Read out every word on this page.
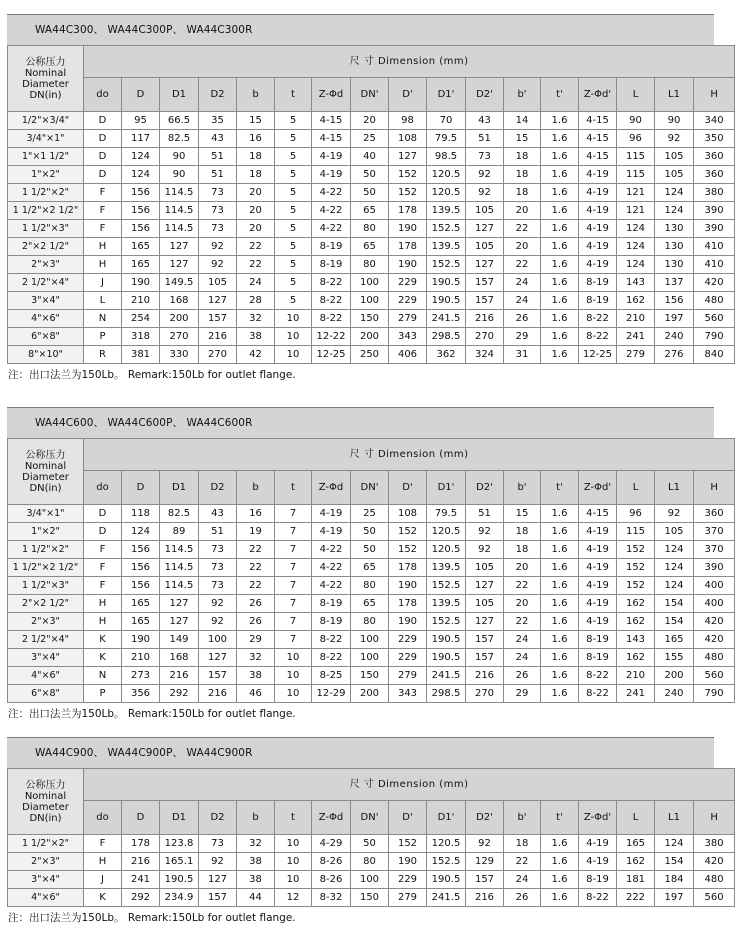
WA44C300、 WA44C300P、 WA44C300R
公称压力
Nominal
Diameter
DN(in)	尺 寸 Dimension (mm)																
	do	D	D1	D2	b	t	Z-Φd	DN'	D'	D1'	D2'	b'	t'	Z-Φd'	L	L1	H
1/2"×3/4"	D	95	66.5	35	15	5	4-15	20	98	70	43	14	1.6	4-15	90	90	340
3/4"×1"	D	117	82.5	43	16	5	4-15	25	108	79.5	51	15	1.6	4-15	96	92	350
1"×1 1/2"	D	124	90	51	18	5	4-19	40	127	98.5	73	18	1.6	4-15	115	105	360
1"×2"	D	124	90	51	18	5	4-19	50	152	120.5	92	18	1.6	4-19	115	105	360
1 1/2"×2"	F	156	114.5	73	20	5	4-22	50	152	120.5	92	18	1.6	4-19	121	124	380
1 1/2"×2 1/2"	F	156	114.5	73	20	5	4-22	65	178	139.5	105	20	1.6	4-19	121	124	390
1 1/2"×3"	F	156	114.5	73	20	5	4-22	80	190	152.5	127	22	1.6	4-19	124	130	390
2"×2 1/2"	H	165	127	92	22	5	8-19	65	178	139.5	105	20	1.6	4-19	124	130	410
2"×3"	H	165	127	92	22	5	8-19	80	190	152.5	127	22	1.6	4-19	124	130	410
2 1/2"×4"	J	190	149.5	105	24	5	8-22	100	229	190.5	157	24	1.6	8-19	143	137	420
3"×4"	L	210	168	127	28	5	8-22	100	229	190.5	157	24	1.6	8-19	162	156	480
4"×6"	N	254	200	157	32	10	8-22	150	279	241.5	216	26	1.6	8-22	210	197	560
6"×8"	P	318	270	216	38	10	12-22	200	343	298.5	270	29	1.6	8-22	241	240	790
8"×10"	R	381	330	270	42	10	12-25	250	406	362	324	31	1.6	12-25	279	276	840
注：出口法兰为150Lb。 Remark:150Lb for outlet flange.
WA44C600、 WA44C600P、 WA44C600R
公称压力
Nominal
Diameter
DN(in)	尺 寸 Dimension (mm)																
	do	D	D1	D2	b	t	Z-Φd	DN'	D'	D1'	D2'	b'	t'	Z-Φd'	L	L1	H
3/4"×1"	D	118	82.5	43	16	7	4-19	25	108	79.5	51	15	1.6	4-15	96	92	360
1"×2"	D	124	89	51	19	7	4-19	50	152	120.5	92	18	1.6	4-19	115	105	370
1 1/2"×2"	F	156	114.5	73	22	7	4-22	50	152	120.5	92	18	1.6	4-19	152	124	370
1 1/2"×2 1/2"	F	156	114.5	73	22	7	4-22	65	178	139.5	105	20	1.6	4-19	152	124	390
1 1/2"×3"	F	156	114.5	73	22	7	4-22	80	190	152.5	127	22	1.6	4-19	152	124	400
2"×2 1/2"	H	165	127	92	26	7	8-19	65	178	139.5	105	20	1.6	4-19	162	154	400
2"×3"	H	165	127	92	26	7	8-19	80	190	152.5	127	22	1.6	4-19	162	154	420
2 1/2"×4"	K	190	149	100	29	7	8-22	100	229	190.5	157	24	1.6	8-19	143	165	420
3"×4"	K	210	168	127	32	10	8-22	100	229	190.5	157	24	1.6	8-19	162	155	480
4"×6"	N	273	216	157	38	10	8-25	150	279	241.5	216	26	1.6	8-22	210	200	560
6"×8"	P	356	292	216	46	10	12-29	200	343	298.5	270	29	1.6	8-22	241	240	790
注：出口法兰为150Lb。 Remark:150Lb for outlet flange.
WA44C900、 WA44C900P、 WA44C900R
公称压力
Nominal
Diameter
DN(in)	尺 寸 Dimension (mm)																
	do	D	D1	D2	b	t	Z-Φd	DN'	D'	D1'	D2'	b'	t'	Z-Φd'	L	L1	H
1 1/2"×2"	F	178	123.8	73	32	10	4-29	50	152	120.5	92	18	1.6	4-19	165	124	380
2"×3"	H	216	165.1	92	38	10	8-26	80	190	152.5	129	22	1.6	4-19	162	154	420
3"×4"	J	241	190.5	127	38	10	8-26	100	229	190.5	157	24	1.6	8-19	181	184	480
4"×6"	K	292	234.9	157	44	12	8-32	150	279	241.5	216	26	1.6	8-22	222	197	560
注：出口法兰为150Lb。 Remark:150Lb for outlet flange.
